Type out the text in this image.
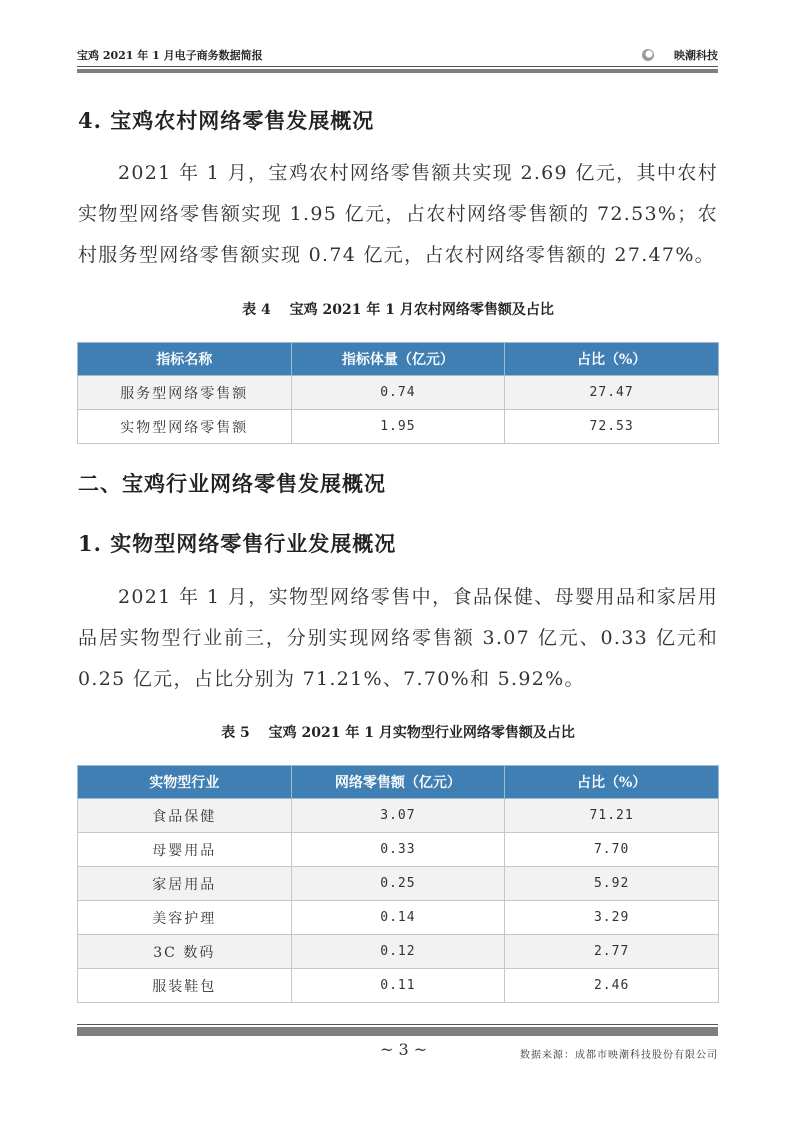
宝鸡 2021 年 1 月电子商务数据简报	映潮科技
4. 宝鸡农村网络零售发展概况

2021 年 1 月，宝鸡农村网络零售额共实现 2.69 亿元，其中农村实物型网络零售额实现 1.95 亿元，占农村网络零售额的 72.53%；农村服务型网络零售额实现 0.74 亿元，占农村网络零售额的 27.47%。

表 4　 宝鸡 2021 年 1 月农村网络零售额及占比
指标名称	指标体量（亿元）	占比（%）
服务型网络零售额	0.74	27.47
实物型网络零售额	1.95	72.53
二、宝鸡行业网络零售发展概况
1. 实物型网络零售行业发展概况

2021 年 1 月，实物型网络零售中，食品保健、母婴用品和家居用品居实物型行业前三，分别实现网络零售额 3.07 亿元、0.33 亿元和 0.25 亿元，占比分别为 71.21%、7.70%和 5.92%。

表 5　 宝鸡 2021 年 1 月实物型行业网络零售额及占比
实物型行业	网络零售额（亿元）	占比（%）
食品保健	3.07	71.21
母婴用品	0.33	7.70
家居用品	0.25	5.92
美容护理	0.14	3.29
3C 数码	0.12	2.77
服装鞋包	0.11	2.46
~ 3 ~	数据来源：成都市映潮科技股份有限公司
